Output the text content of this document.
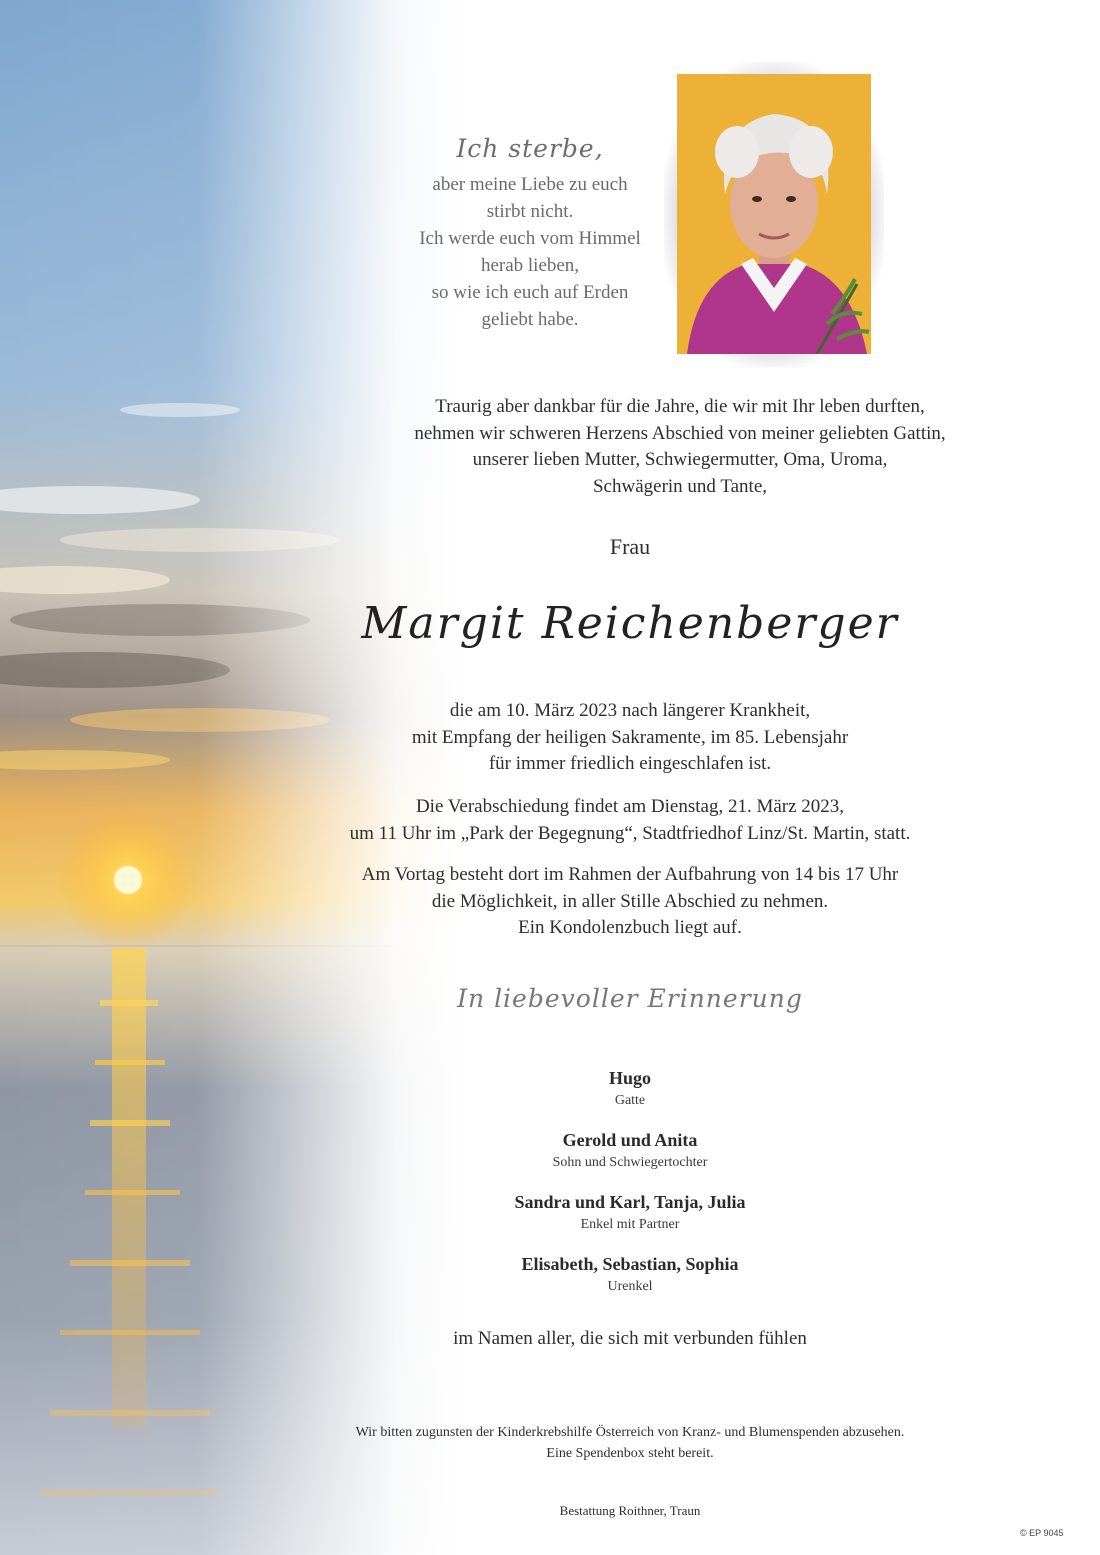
Ich sterbe,

aber meine Liebe zu euch

stirbt nicht.

Ich werde euch vom Himmel

herab lieben,

so wie ich euch auf Erden

geliebt habe.

Traurig aber dankbar für die Jahre, die wir mit Ihr leben durften,

nehmen wir schweren Herzens Abschied von meiner geliebten Gattin,

unserer lieben Mutter, Schwiegermutter, Oma, Uroma,

Schwägerin und Tante,

Frau
Margit Reichenberger

die am 10. März 2023 nach längerer Krankheit,

mit Empfang der heiligen Sakramente, im 85. Lebensjahr

für immer friedlich eingeschlafen ist.

Die Verabschiedung findet am Dienstag, 21. März 2023,

um 11 Uhr im „Park der Begegnung“, Stadtfriedhof Linz/St. Martin, statt.

Am Vortag besteht dort im Rahmen der Aufbahrung von 14 bis 17 Uhr

die Möglichkeit, in aller Stille Abschied zu nehmen.

Ein Kondolenzbuch liegt auf.

In liebevoller Erinnerung

Hugo

Gatte

Gerold und Anita

Sohn und Schwiegertochter

Sandra und Karl, Tanja, Julia

Enkel mit Partner

Elisabeth, Sebastian, Sophia

Urenkel

im Namen aller, die sich mit verbunden fühlen

Wir bitten zugunsten der Kinderkrebshilfe Österreich von Kranz- und Blumenspenden abzusehen.

Eine Spendenbox steht bereit.

Bestattung Roithner, Traun
© EP 9045
